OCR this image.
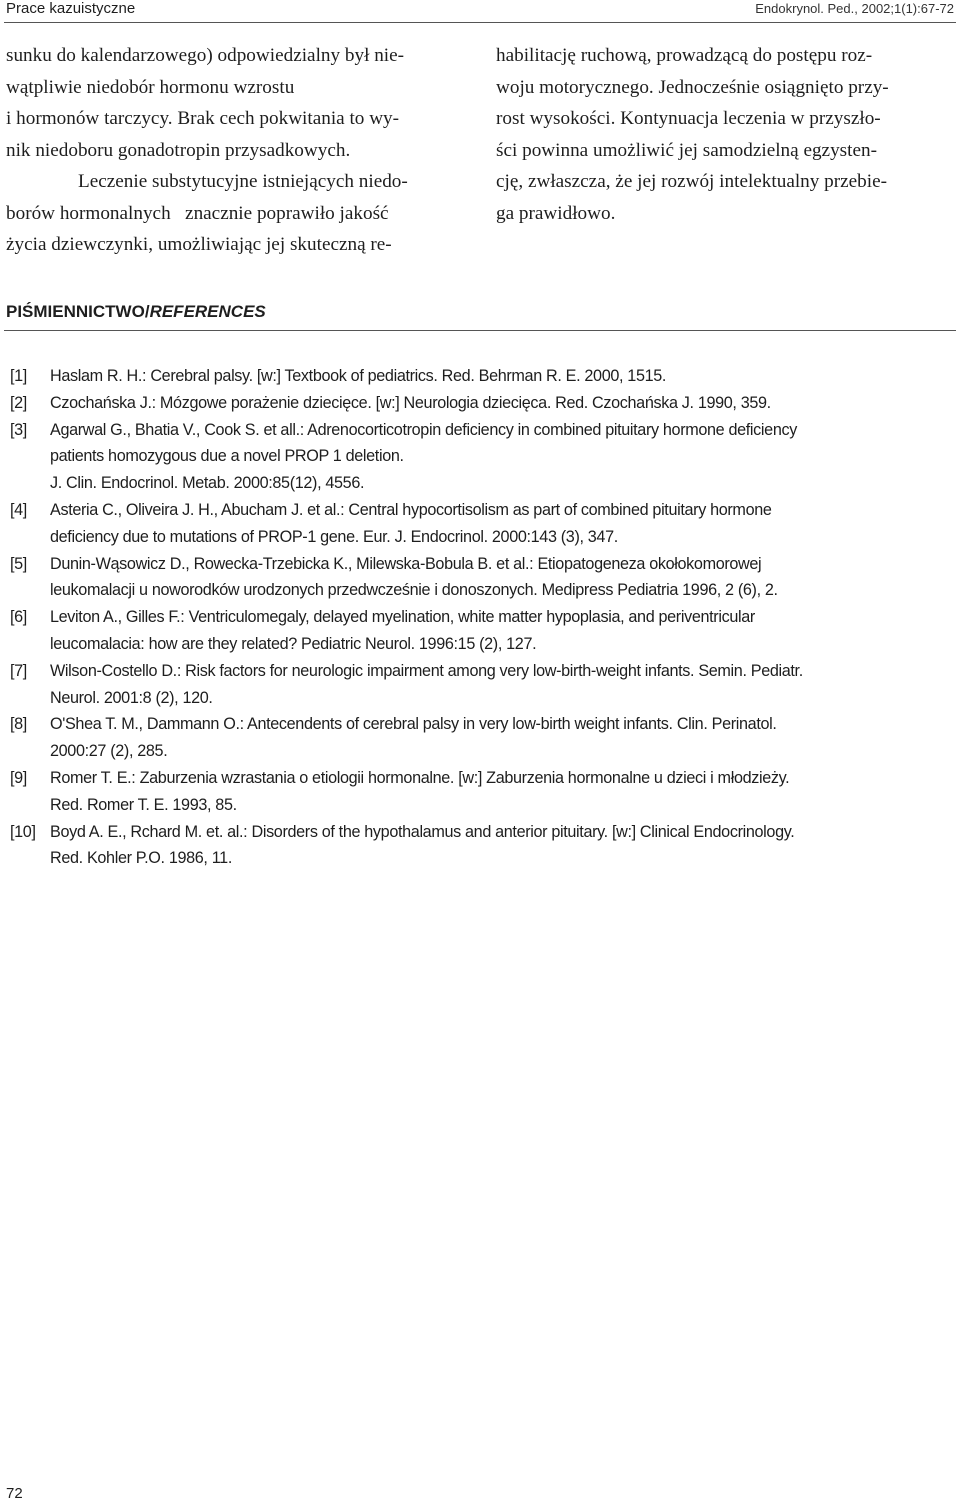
Prace kazuistyczne	Endokrynol. Ped., 2002;1(1):67-72
sunku do kalendarzowego) odpowiedzialny był nie-
wątpliwie niedobór hormonu wzrostu
i hormonów tarczycy. Brak cech pokwitania to wy-
nik niedoboru gonadotropin przysadkowych.
Leczenie substytucyjne istniejących niedo-
borów hormonalnych   znacznie poprawiło jakość
życia dziewczynki, umożliwiając jej skuteczną re-
habilitację ruchową, prowadzącą do postępu roz-
woju motorycznego. Jednocześnie osiągnięto przy-
rost wysokości. Kontynuacja leczenia w przyszło-
ści powinna umożliwić jej samodzielną egzysten-
cję, zwłaszcza, że jej rozwój intelektualny przebie-
ga prawidłowo.
PIŚMIENNICTWO/REFERENCES
[1]	Haslam R. H.: Cerebral palsy. [w:] Textbook of pediatrics. Red. Behrman R. E. 2000, 1515.
[2]	Czochańska J.: Mózgowe porażenie dziecięce. [w:] Neurologia dziecięca. Red. Czochańska J. 1990, 359.
[3]	Agarwal G., Bhatia V., Cook S. et all.: Adrenocorticotropin deficiency in combined pituitary hormone deficiency
patients homozygous due a novel PROP 1 deletion.
J. Clin. Endocrinol. Metab. 2000:85(12), 4556.
[4]	Asteria C., Oliveira J. H., Abucham J. et al.: Central hypocortisolism as part of combined pituitary hormone
deficiency due to mutations of PROP-1 gene. Eur. J. Endocrinol. 2000:143 (3), 347.
[5]	Dunin-Wąsowicz D., Rowecka-Trzebicka K., Milewska-Bobula B. et al.: Etiopatogeneza okołokomorowej
leukomalacji u noworodków urodzonych przedwcześnie i donoszonych. Medipress Pediatria 1996, 2 (6), 2.
[6]	Leviton A., Gilles F.: Ventriculomegaly, delayed myelination, white matter hypoplasia, and periventricular
leucomalacia: how are they related? Pediatric Neurol. 1996:15 (2), 127.
[7]	Wilson-Costello D.: Risk factors for neurologic impairment among very low-birth-weight infants. Semin. Pediatr.
Neurol. 2001:8 (2), 120.
[8]	O'Shea T. M., Dammann O.: Antecendents of cerebral palsy in very low-birth weight infants. Clin. Perinatol.
2000:27 (2), 285.
[9]	Romer T. E.: Zaburzenia wzrastania o etiologii hormonalne. [w:] Zaburzenia hormonalne u dzieci i młodzieży.
Red. Romer T. E. 1993, 85.
[10] Boyd A. E., Rchard M. et. al.: Disorders of the hypothalamus and anterior pituitary. [w:] Clinical Endocrinology.
Red. Kohler P.O. 1986, 11.
72
